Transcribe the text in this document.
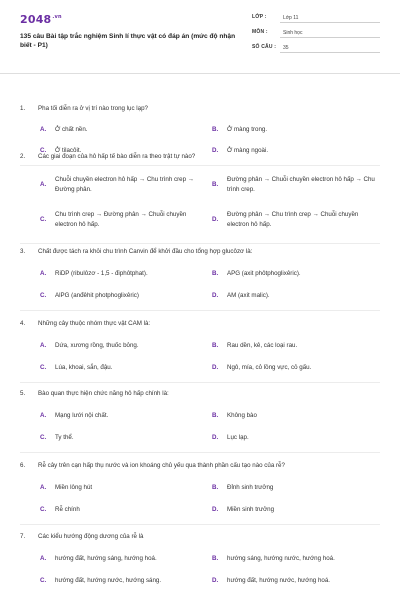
$2048^{.vn}$
135 câu Bài tập trắc nghiệm Sinh lí thực vật có đáp án (mức độ nhận biết - P1)
LỚP :	Lớp 11
MÔN :	Sinh học
SỐ CÂU :	35
1. Pha tối diễn ra ở vị trí nào trong lục lạp?
A. Ở chất nền.	B. Ở màng trong.
C. Ở tilacôit.	D. Ở màng ngoài.
2. Các giai đoạn của hô hấp tế bào diễn ra theo trật tự nào?
A.
Chuỗi chuyền electron hô hấp → Chu trình crep → Đường phân.
B.
Đường phân → Chuỗi chuyền electron hô hấp → Chu trình crep.
C.
Chu trình crep → Đường phân → Chuỗi chuyền electron hô hấp.
D.
Đường phân → Chu trình crep → Chuỗi chuyền electron hô hấp.
3. Chất được tách ra khỏi chu trình Canvin để khởi đầu cho tổng hợp glucôzơ là:
A. RiDP (ribulôzơ - 1,5 - điphôtphat).	B. APG (axit phôtphoglixêric).
C. AlPG (anđêhit photphoglixêric)	D. AM (axit malic).
4. Những cây thuộc nhóm thực vật CAM là:
A. Dứa, xương rồng, thuốc bỏng.	B. Rau dền, kê, các loại rau.
C. Lúa, khoai, sắn, đậu.	D. Ngô, mía, cỏ lồng vực, cỏ gấu.
5. Bào quan thực hiện chức năng hô hấp chính là:
A. Mạng lưới nội chất.	B. Không bào
C. Ty thể.	D. Lục lạp.
6. Rễ cây trên cạn hấp thụ nước và ion khoáng chủ yếu qua thành phần cấu tạo nào của rễ?
A. Miền lông hút	B. Đỉnh sinh trưởng
C. Rễ chính	D. Miền sinh trưởng
7. Các kiểu hướng động dương của rễ là
A. hướng đất, hướng sáng, hướng hoá.	B. hướng sáng, hướng nước, hướng hoá.
C. hướng đất, hướng nước, hướng sáng.	D. hướng đất, hướng nước, hướng hoá.
